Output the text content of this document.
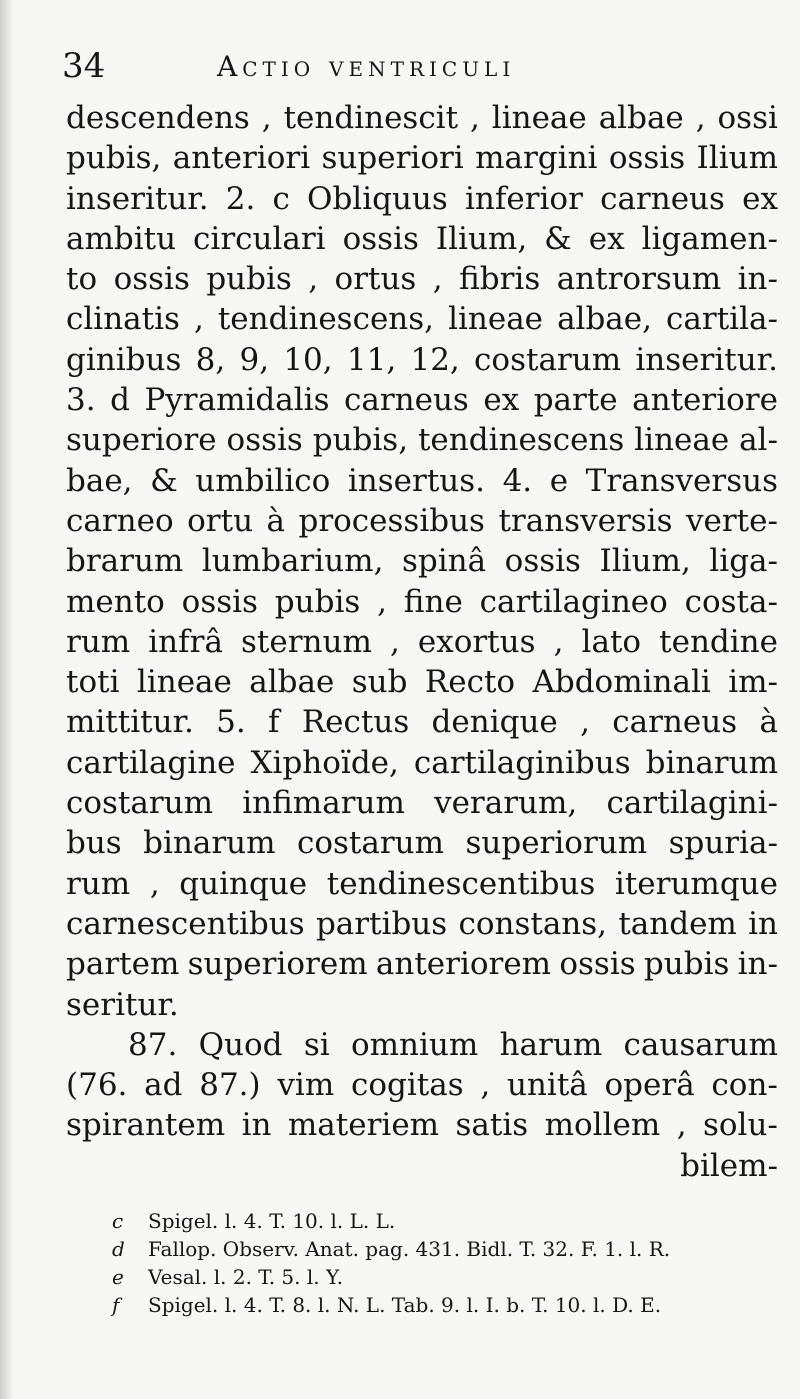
34	Actio ventriculi
descendens , tendinescit , lineae albae , ossi
pubis, anteriori superiori margini ossis Ilium
inseritur. 2. c Obliquus inferior carneus ex
ambitu circulari ossis Ilium, & ex ligamen-
to ossis pubis , ortus , fibris antrorsum in-
clinatis , tendinescens, lineae albae, cartila-
ginibus 8, 9, 10, 11, 12, costarum inseritur.
3. d Pyramidalis carneus ex parte anteriore
superiore ossis pubis, tendinescens lineae al-
bae, & umbilico insertus. 4. e Transversus
carneo ortu à processibus transversis verte-
brarum lumbarium, spinâ ossis Ilium, liga-
mento ossis pubis , fine cartilagineo costa-
rum infrâ sternum , exortus , lato tendine
toti lineae albae sub Recto Abdominali im-
mittitur. 5. f Rectus denique , carneus à
cartilagine Xiphoïde, cartilaginibus binarum
costarum infimarum verarum, cartilagini-
bus binarum costarum superiorum spuria-
rum , quinque tendinescentibus iterumque
carnescentibus partibus constans, tandem in
partem superiorem anteriorem ossis pubis in-
seritur.
87. Quod si omnium harum causarum
(76. ad 87.) vim cogitas , unitâ operâ con-
spirantem in materiem satis mollem , solu-
bilem-
c	Spigel. l. 4. T. 10. l. L. L.
d	Fallop. Observ. Anat. pag. 431. Bidl. T. 32. F. 1. l. R.
e	Vesal. l. 2. T. 5. l. Y.
f	Spigel. l. 4. T. 8. l. N. L. Tab. 9. l. I. b. T. 10. l. D. E.
